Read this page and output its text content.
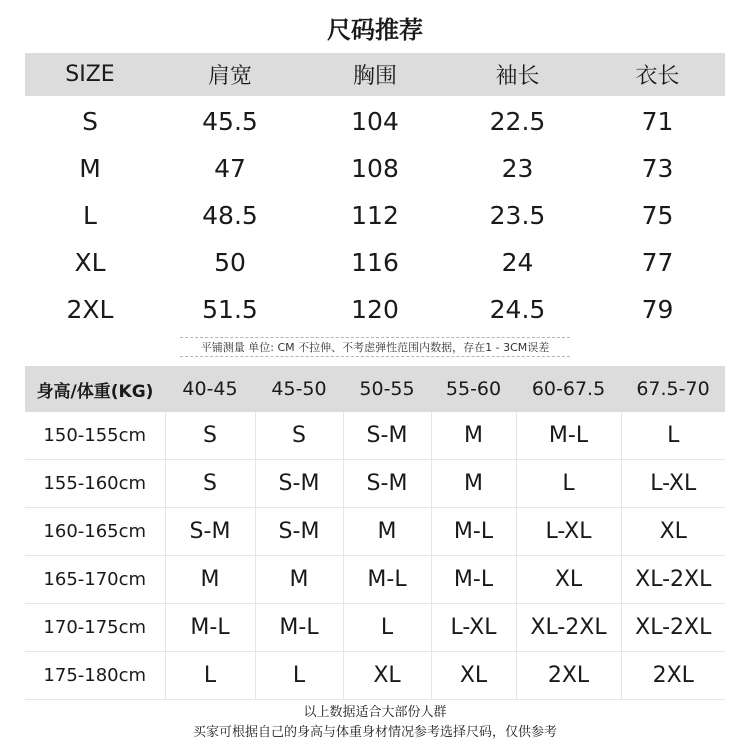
尺码推荐
SIZE	肩宽	胸围	袖长	衣长
S	45.5	104	22.5	71
M	47	108	23	73
L	48.5	112	23.5	75
XL	50	116	24	77
2XL	51.5	120	24.5	79
平铺测量 单位: CM 不拉伸、不考虑弹性范围内数据，存在1 - 3CM误差
身高/体重(KG)	40-45	45-50	50-55	55-60	60-67.5	67.5-70
150-155cm	S	S	S-M	M	M-L	L
155-160cm	S	S-M	S-M	M	L	L-XL
160-165cm	S-M	S-M	M	M-L	L-XL	XL
165-170cm	M	M	M-L	M-L	XL	XL-2XL
170-175cm	M-L	M-L	L	L-XL	XL-2XL	XL-2XL
175-180cm	L	L	XL	XL	2XL	2XL
以上数据适合大部份人群
买家可根据自己的身高与体重身材情况参考选择尺码，仅供参考
